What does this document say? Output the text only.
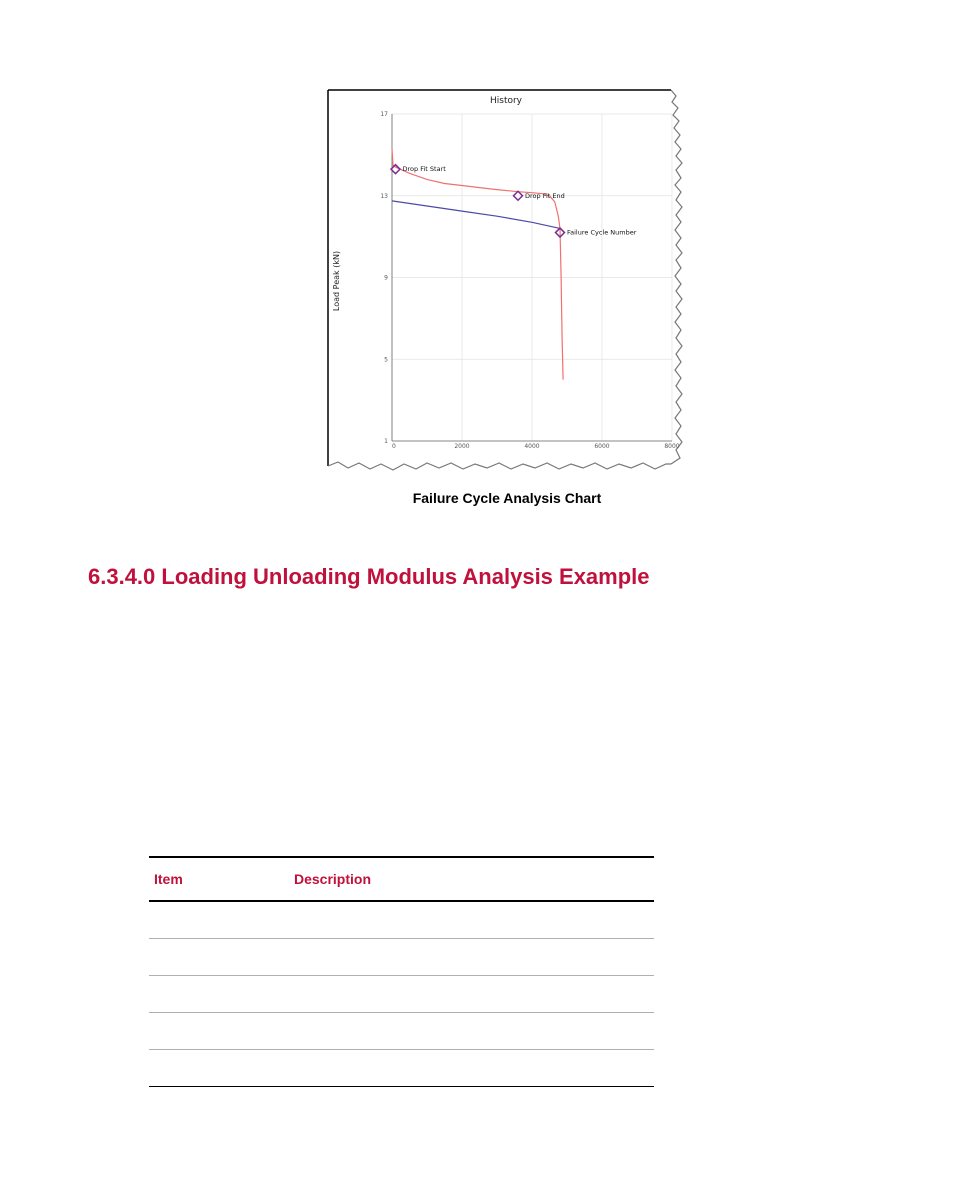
History
Load Peak (kN)
1
5
9
13
17
0	2000	4000	6000	8000
Drop Fit Start
Drop Fit End
Failure Cycle Number
Failure Cycle Analysis Chart
6.3.4.0 Loading Unloading Modulus Analysis Example
Item	Description
